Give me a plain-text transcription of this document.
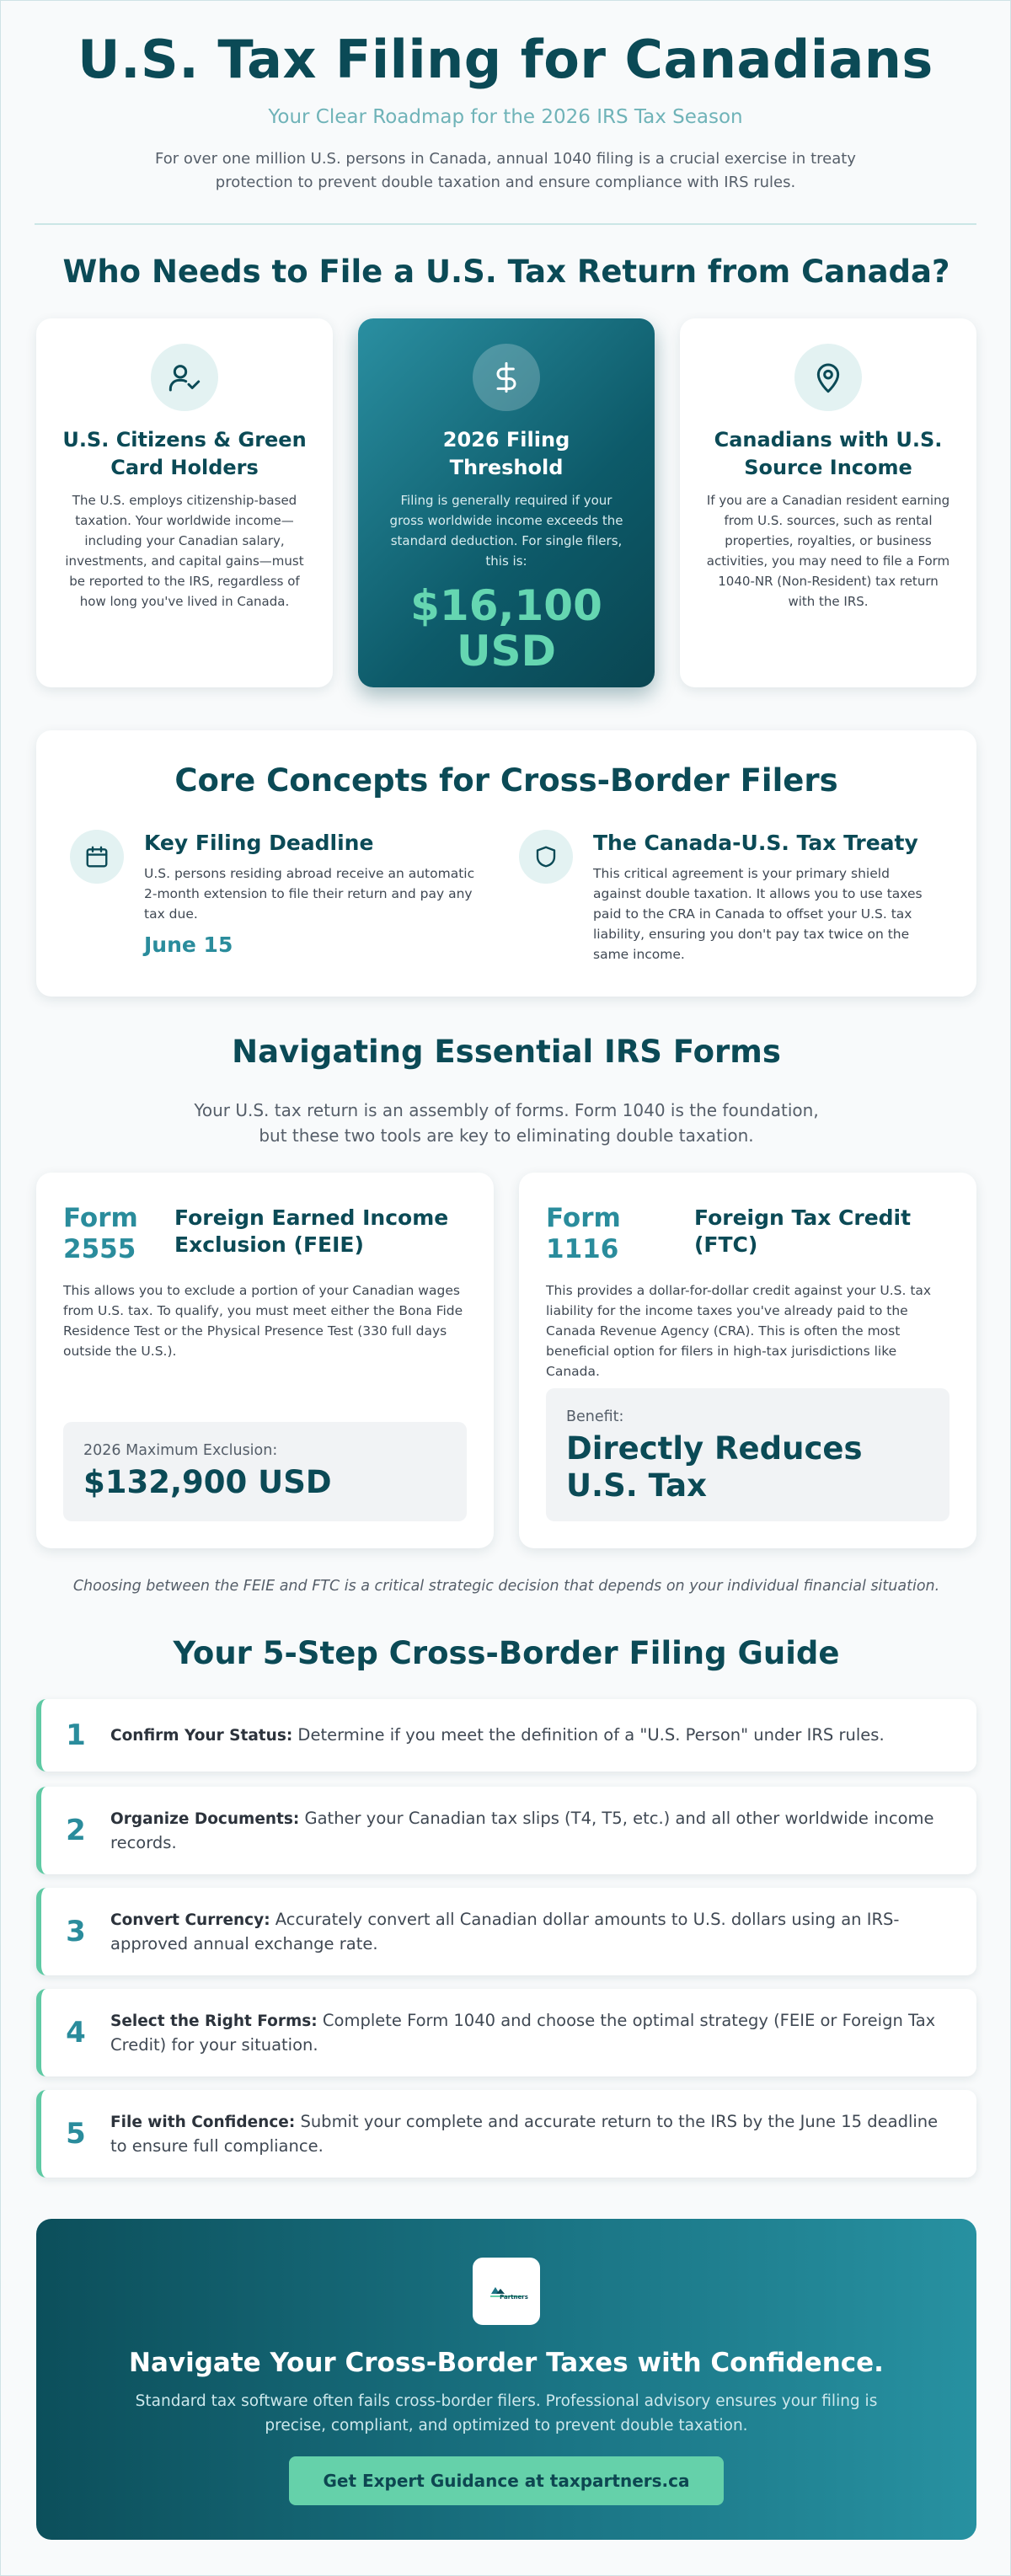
U.S. Tax Filing for Canadians
Your Clear Roadmap for the 2026 IRS Tax Season
For over one million U.S. persons in Canada, annual 1040 filing is a crucial exercise in treaty protection to prevent double taxation and ensure compliance with IRS rules.
Who Needs to File a U.S. Tax Return from Canada?
U.S. Citizens & Green Card Holders

The U.S. employs citizenship-based taxation. Your worldwide income—including your Canadian salary, investments, and capital gains—must be reported to the IRS, regardless of how long you've lived in Canada.

2026 Filing Threshold

Filing is generally required if your gross worldwide income exceeds the standard deduction. For single filers, this is:

$16,100 USD
Canadians with U.S. Source Income

If you are a Canadian resident earning from U.S. sources, such as rental properties, royalties, or business activities, you may need to file a Form 1040-NR (Non-Resident) tax return with the IRS.

Core Concepts for Cross-Border Filers
Key Filing Deadline

U.S. persons residing abroad receive an automatic 2-month extension to file their return and pay any tax due.

June 15
The Canada-U.S. Tax Treaty

This critical agreement is your primary shield against double taxation. It allows you to use taxes paid to the CRA in Canada to offset your U.S. tax liability, ensuring you don't pay tax twice on the same income.

Navigating Essential IRS Forms
Your U.S. tax return is an assembly of forms. Form 1040 is the foundation, but these two tools are key to eliminating double taxation.
Form
2555
Foreign Earned Income Exclusion (FEIE)
This allows you to exclude a portion of your Canadian wages from U.S. tax. To qualify, you must meet either the Bona Fide Residence Test or the Physical Presence Test (330 full days outside the U.S.).
2026 Maximum Exclusion:
$132,900 USD
Form
1116
Foreign Tax Credit (FTC)
This provides a dollar-for-dollar credit against your U.S. tax liability for the income taxes you've already paid to the Canada Revenue Agency (CRA). This is often the most beneficial option for filers in high-tax jurisdictions like Canada.
Benefit:
Directly Reduces U.S. Tax
Choosing between the FEIE and FTC is a critical strategic decision that depends on your individual financial situation.
Your 5-Step Cross-Border Filing Guide
1	Confirm Your Status: Determine if you meet the definition of a "U.S. Person" under IRS rules.
2	Organize Documents: Gather your Canadian tax slips (T4, T5, etc.) and all other worldwide income records.
3	Convert Currency: Accurately convert all Canadian dollar amounts to U.S. dollars using an IRS-approved annual exchange rate.
4	Select the Right Forms: Complete Form 1040 and choose the optimal strategy (FEIE or Foreign Tax Credit) for your situation.
5	File with Confidence: Submit your complete and accurate return to the IRS by the June 15 deadline to ensure full compliance.
Partners
Navigate Your Cross-Border Taxes with Confidence.

Standard tax software often fails cross-border filers. Professional advisory ensures your filing is precise, compliant, and optimized to prevent double taxation.

Get Expert Guidance at taxpartners.ca
